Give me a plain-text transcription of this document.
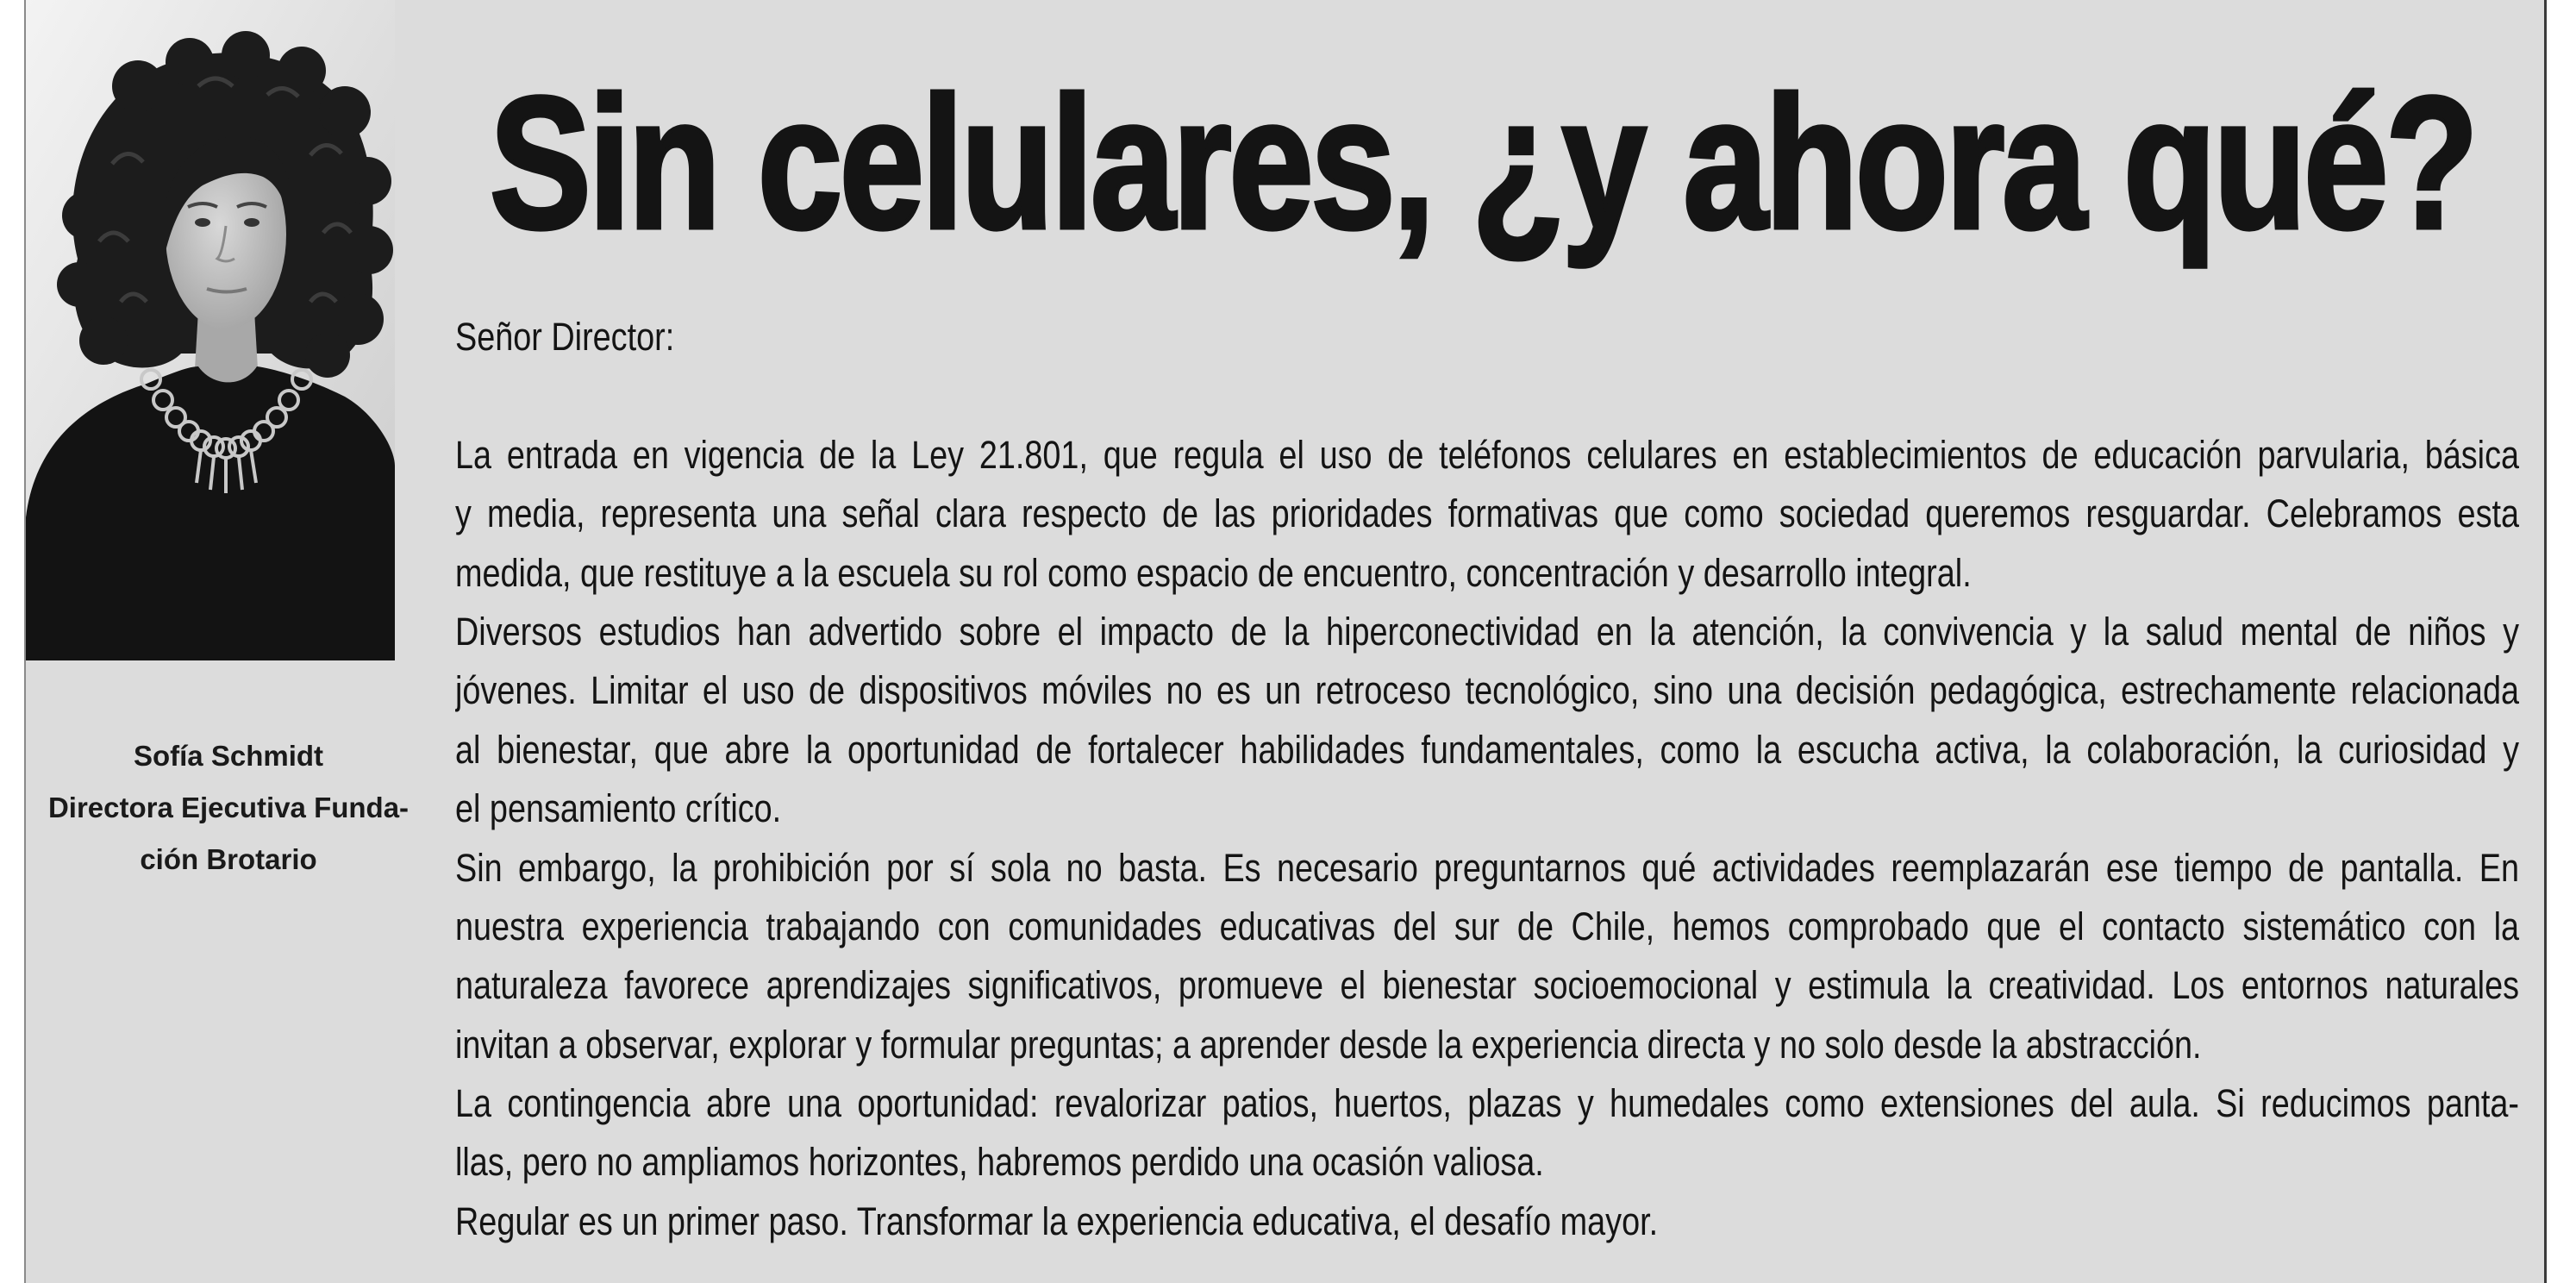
Sofía Schmidt
Directora Ejecutiva Funda-
ción Brotario
Sin celulares, ¿y ahora qué?
Señor Director:
La entrada en vigencia de la Ley 21.801, que regula el uso de teléfonos celulares en establecimientos de educación parvularia, básica
y media, representa una señal clara respecto de las prioridades formativas que como sociedad queremos resguardar. Celebramos esta
medida, que restituye a la escuela su rol como espacio de encuentro, concentración y desarrollo integral.
Diversos estudios han advertido sobre el impacto de la hiperconectividad en la atención, la convivencia y la salud mental de niños y
jóvenes. Limitar el uso de dispositivos móviles no es un retroceso tecnológico, sino una decisión pedagógica, estrechamente relacionada
al bienestar, que abre la oportunidad de fortalecer habilidades fundamentales, como la escucha activa, la colaboración, la curiosidad y
el pensamiento crítico.
Sin embargo, la prohibición por sí sola no basta. Es necesario preguntarnos qué actividades reemplazarán ese tiempo de pantalla. En
nuestra experiencia trabajando con comunidades educativas del sur de Chile, hemos comprobado que el contacto sistemático con la
naturaleza favorece aprendizajes significativos, promueve el bienestar socioemocional y estimula la creatividad. Los entornos naturales
invitan a observar, explorar y formular preguntas; a aprender desde la experiencia directa y no solo desde la abstracción.
La contingencia abre una oportunidad: revalorizar patios, huertos, plazas y humedales como extensiones del aula. Si reducimos panta-
llas, pero no ampliamos horizontes, habremos perdido una ocasión valiosa.
Regular es un primer paso. Transformar la experiencia educativa, el desafío mayor.
